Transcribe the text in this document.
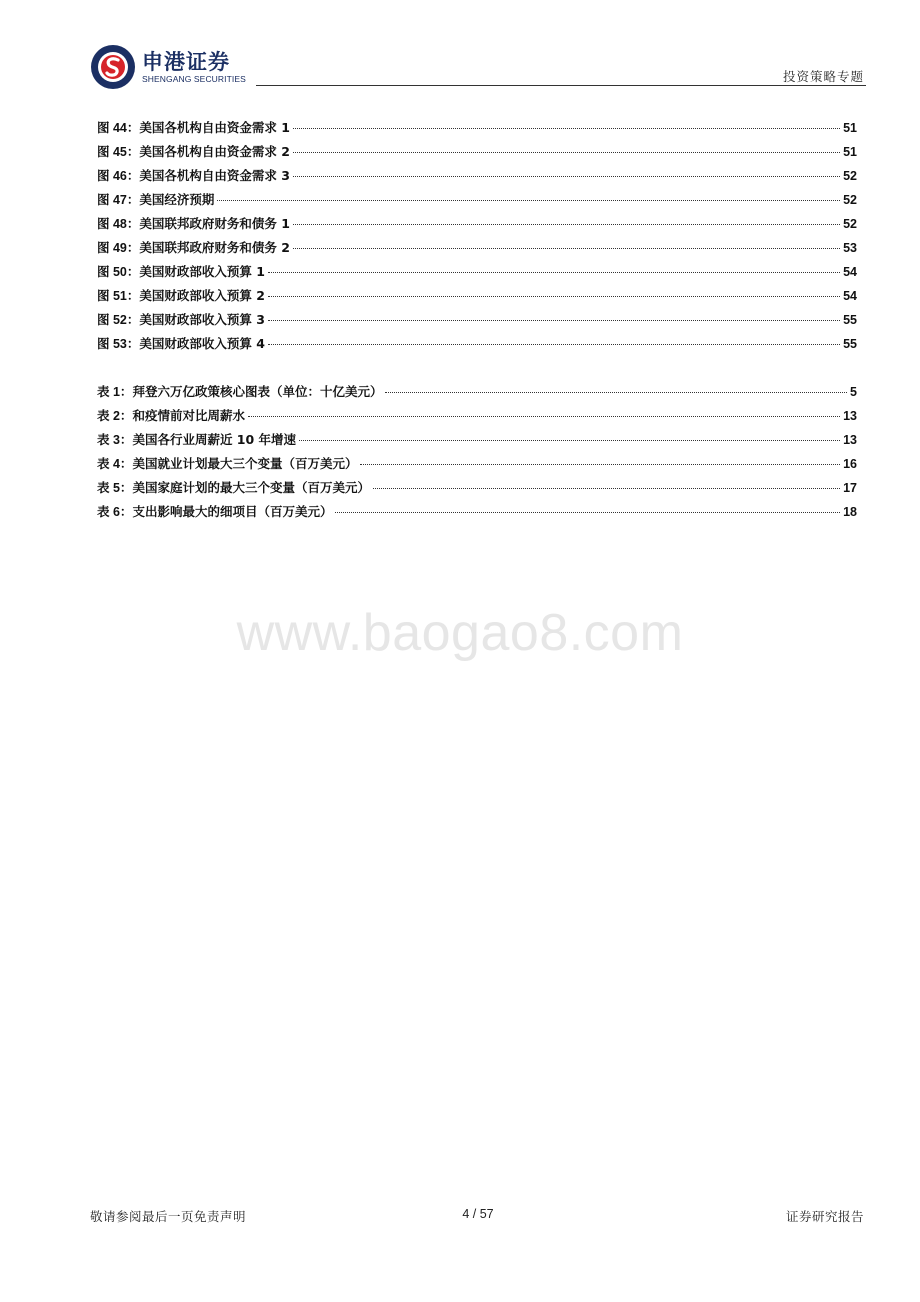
申港证券
SHENGANG SECURITIES	投资策略专题
图 44： 美国各机构自由资金需求 1	51
图 45： 美国各机构自由资金需求 2	51
图 46： 美国各机构自由资金需求 3	52
图 47： 美国经济预期	52
图 48： 美国联邦政府财务和债务 1	52
图 49： 美国联邦政府财务和债务 2	53
图 50： 美国财政部收入预算 1	54
图 51： 美国财政部收入预算 2	54
图 52： 美国财政部收入预算 3	55
图 53： 美国财政部收入预算 4	55
表 1： 拜登六万亿政策核心图表（单位：十亿美元）	5
表 2： 和疫情前对比周薪水	13
表 3： 美国各行业周薪近 10 年增速	13
表 4： 美国就业计划最大三个变量（百万美元）	16
表 5： 美国家庭计划的最大三个变量（百万美元）	17
表 6： 支出影响最大的细项目（百万美元）	18
www.baogao8.com
敬请参阅最后一页免责声明	4 / 57	证券研究报告
